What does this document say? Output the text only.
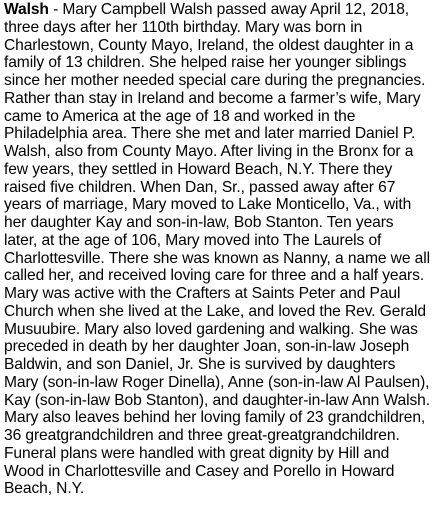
Walsh - Mary Campbell Walsh passed away April 12, 2018,
three days after her 110th birthday. Mary was born in
Charlestown, County Mayo, Ireland, the oldest daughter in a
family of 13 children. She helped raise her younger siblings
since her mother needed special care during the pregnancies.
Rather than stay in Ireland and become a farmer’s wife, Mary
came to America at the age of 18 and worked in the
Philadelphia area. There she met and later married Daniel P.
Walsh, also from County Mayo. After living in the Bronx for a
few years, they settled in Howard Beach, N.Y. There they
raised five children. When Dan, Sr., passed away after 67
years of marriage, Mary moved to Lake Monticello, Va., with
her daughter Kay and son-in-law, Bob Stanton. Ten years
later, at the age of 106, Mary moved into The Laurels of
Charlottesville. There she was known as Nanny, a name we all
called her, and received loving care for three and a half years.
Mary was active with the Crafters at Saints Peter and Paul
Church when she lived at the Lake, and loved the Rev. Gerald
Musuubire. Mary also loved gardening and walking. She was
preceded in death by her daughter Joan, son-in-law Joseph
Baldwin, and son Daniel, Jr. She is survived by daughters
Mary (son-in-law Roger Dinella), Anne (son-in-law Al Paulsen),
Kay (son-in-law Bob Stanton), and daughter-in-law Ann Walsh.
Mary also leaves behind her loving family of 23 grandchildren,
36 greatgrandchildren and three great-greatgrandchildren.
Funeral plans were handled with great dignity by Hill and
Wood in Charlottesville and Casey and Porello in Howard
Beach, N.Y.
